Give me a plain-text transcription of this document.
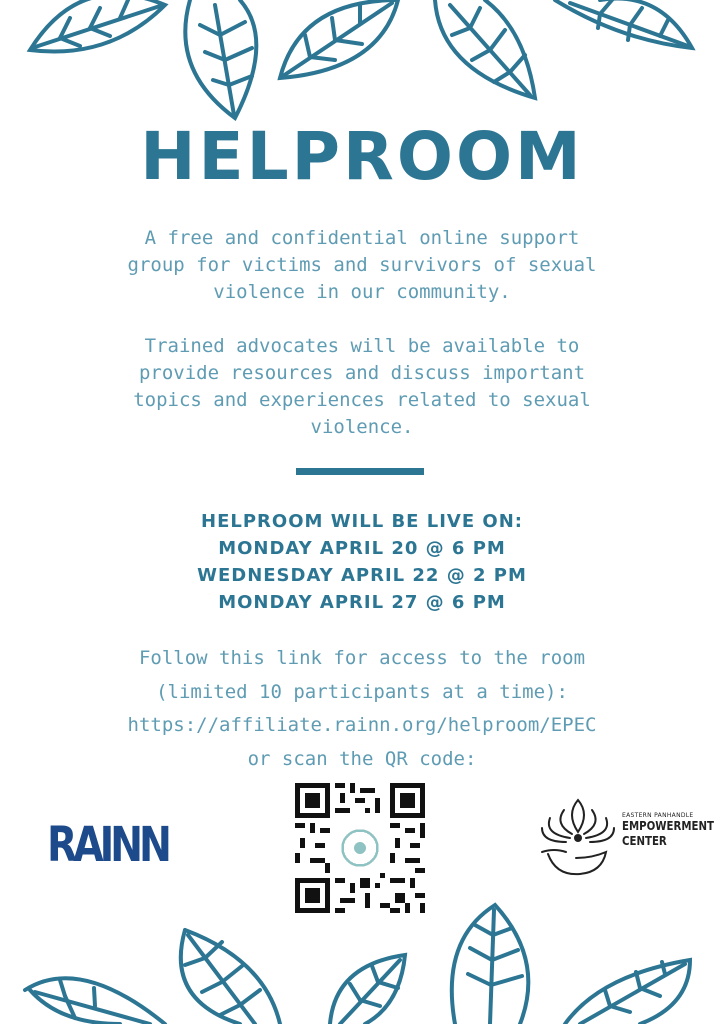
HELPROOM

A free and confidential online support group for victims and survivors of sexual violence in our community.

Trained advocates will be available to provide resources and discuss important topics and experiences related to sexual violence.

HELPROOM WILL BE LIVE ON:
MONDAY APRIL 20 @ 6 PM
WEDNESDAY APRIL 22 @ 2 PM
MONDAY APRIL 27 @ 6 PM
Follow this link for access to the room
(limited 10 participants at a time):
https://affiliate.rainn.org/helproom/EPEC
or scan the QR code:
RAINN
EASTERN PANHANDLE
EMPOWERMENT
CENTER
